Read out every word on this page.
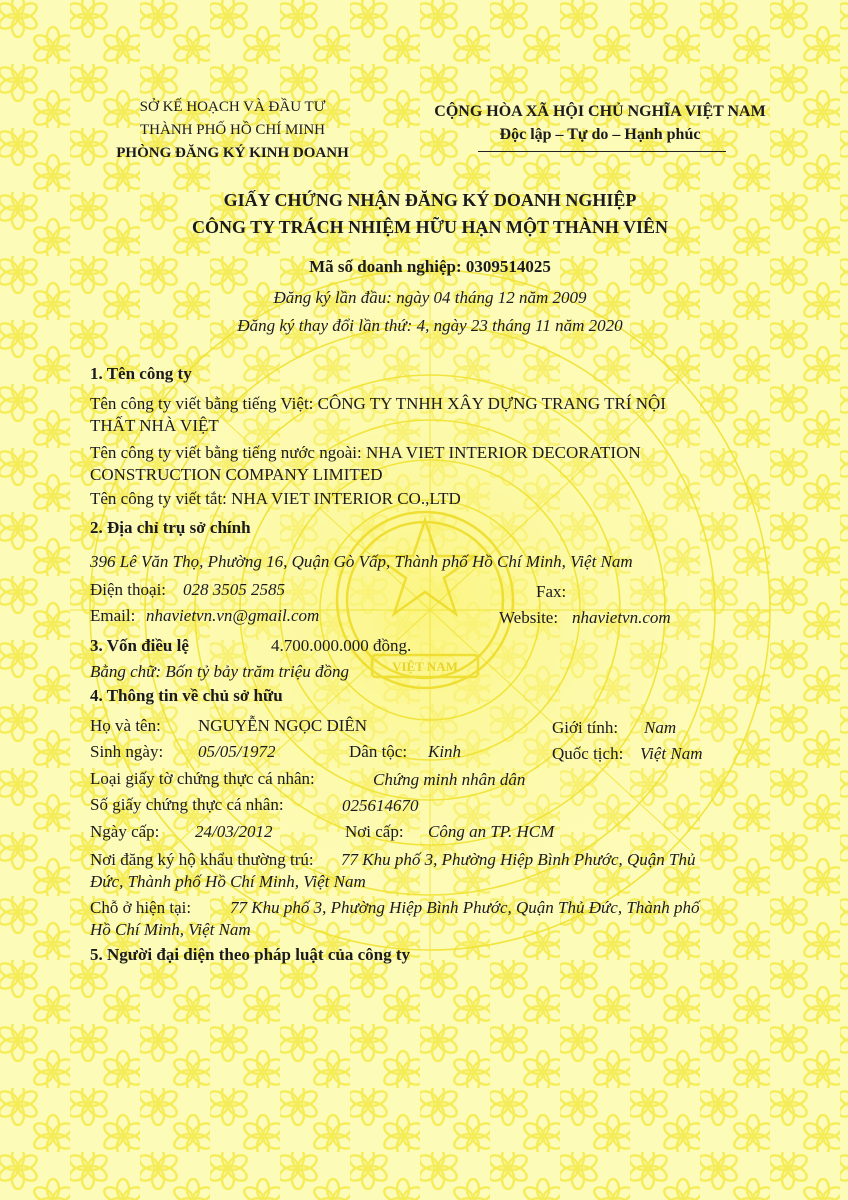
VIỆT NAM
SỞ KẾ HOẠCH VÀ ĐẦU TƯ
THÀNH PHỐ HỒ CHÍ MINH
PHÒNG ĐĂNG KÝ KINH DOANH
CỘNG HÒA XÃ HỘI CHỦ NGHĨA VIỆT NAM
Độc lập – Tự do – Hạnh phúc
GIẤY CHỨNG NHẬN ĐĂNG KÝ DOANH NGHIỆP
CÔNG TY TRÁCH NHIỆM HỮU HẠN MỘT THÀNH VIÊN
Mã số doanh nghiệp: 0309514025
Đăng ký lần đầu: ngày 04 tháng 12 năm 2009
Đăng ký thay đổi lần thứ: 4, ngày 23 tháng 11 năm 2020
1. Tên công ty
Tên công ty viết bằng tiếng Việt: CÔNG TY TNHH XÂY DỰNG TRANG TRÍ NỘI
THẤT NHÀ VIỆT
Tên công ty viết bằng tiếng nước ngoài: NHA VIET INTERIOR DECORATION
CONSTRUCTION COMPANY LIMITED
Tên công ty viết tắt: NHA VIET INTERIOR CO.,LTD
2. Địa chỉ trụ sở chính
396 Lê Văn Thọ, Phường 16, Quận Gò Vấp, Thành phố Hồ Chí Minh, Việt Nam
Điện thoại: 028 3505 2585	Fax:
Email: nhavietvn.vn@gmail.com	Website: nhavietvn.com
3. Vốn điều lệ	4.700.000.000 đồng.
Bằng chữ: Bốn tỷ bảy trăm triệu đồng
4. Thông tin về chủ sở hữu
Họ và tên: NGUYỄN NGỌC DIÊN	Giới tính: Nam
Sinh ngày: 05/05/1972	Dân tộc: Kinh	Quốc tịch: Việt Nam
Loại giấy tờ chứng thực cá nhân:	Chứng minh nhân dân
Số giấy chứng thực cá nhân:	025614670
Ngày cấp: 24/03/2012	Nơi cấp: Công an TP. HCM
Nơi đăng ký hộ khẩu thường trú: 77 Khu phố 3, Phường Hiệp Bình Phước, Quận Thủ
Đức, Thành phố Hồ Chí Minh, Việt Nam
Chỗ ở hiện tại: 77 Khu phố 3, Phường Hiệp Bình Phước, Quận Thủ Đức, Thành phố
Hồ Chí Minh, Việt Nam
5. Người đại diện theo pháp luật của công ty
